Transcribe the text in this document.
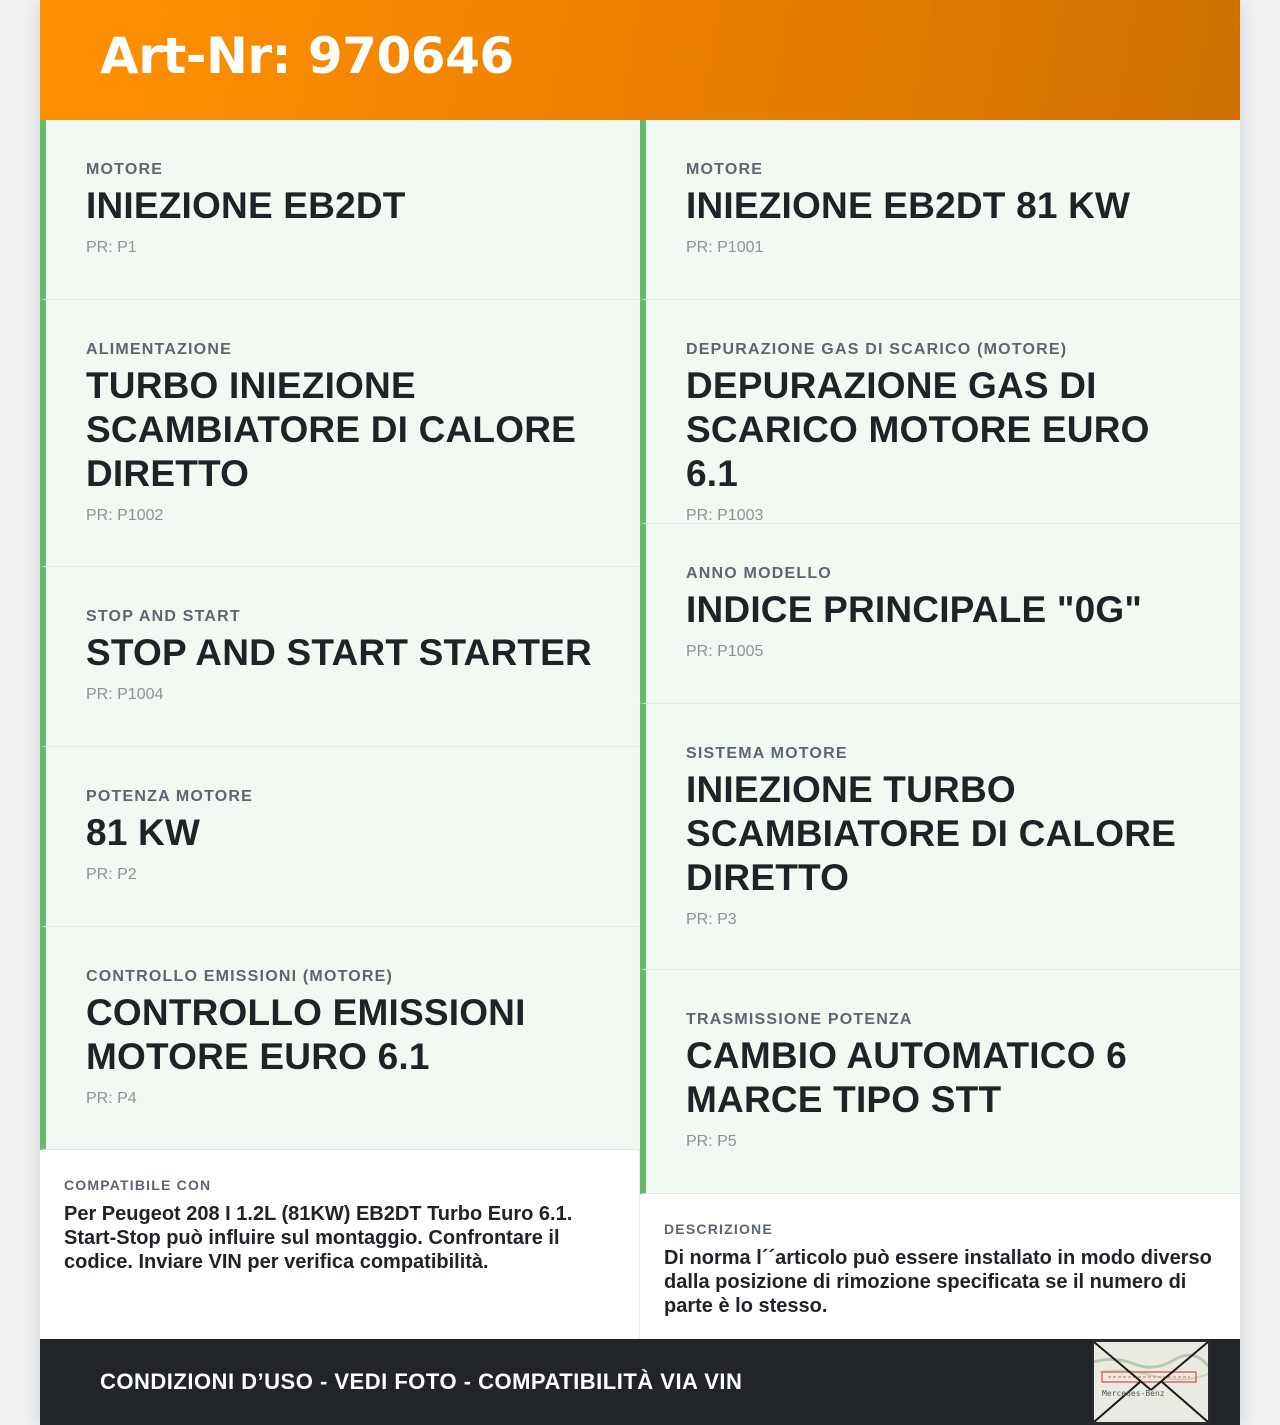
Art-Nr: 970646
MOTORE
INIEZIONE EB2DT
PR: P1
ALIMENTAZIONE
TURBO INIEZIONE SCAMBIATORE DI CALORE DIRETTO
PR: P1002
STOP AND START
STOP AND START STARTER
PR: P1004
POTENZA MOTORE
81 KW
PR: P2
CONTROLLO EMISSIONI (MOTORE)
CONTROLLO EMISSIONI MOTORE EURO 6.1
PR: P4
MOTORE
INIEZIONE EB2DT 81 KW
PR: P1001
DEPURAZIONE GAS DI SCARICO (MOTORE)
DEPURAZIONE GAS DI SCARICO MOTORE EURO 6.1
PR: P1003
ANNO MODELLO
INDICE PRINCIPALE "0G"
PR: P1005
SISTEMA MOTORE
INIEZIONE TURBO SCAMBIATORE DI CALORE DIRETTO
PR: P3
TRASMISSIONE POTENZA
CAMBIO AUTOMATICO 6 MARCE TIPO STT
PR: P5
COMPATIBILE CON
Per Peugeot 208 I 1.2L (81KW) EB2DT Turbo Euro 6.1. Start-Stop può influire sul montaggio. Confrontare il codice. Inviare VIN per verifica compatibilità.
DESCRIZIONE
Di norma l´´articolo può essere installato in modo diverso dalla posizione di rimozione specificata se il numero di parte è lo stesso.
CONDIZIONI D’USO - VEDI FOTO - COMPATIBILITÀ VIA VIN	Mercedes-Benz
